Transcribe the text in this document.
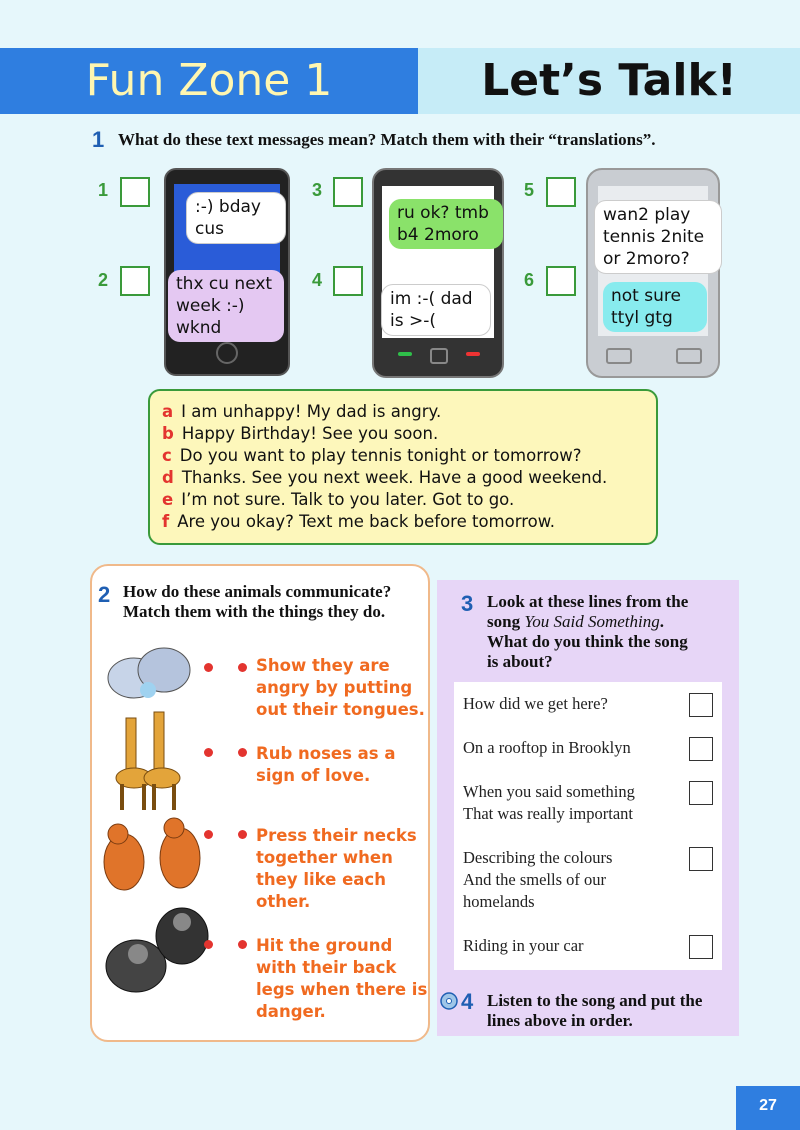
Fun Zone 1	Let’s Talk!
1 What do these text messages mean? Match them with their “translations”.
1
2
3
4
5
6
:-) bday cus
thx cu next week :-) wknd
ru ok? tmb b4 2moro
im :-( dad is >-(
wan2 play tennis 2nite or 2moro?
not sure ttyl gtg
a I am unhappy! My dad is angry.
b Happy Birthday! See you soon.
c Do you want to play tennis tonight or tomorrow?
d Thanks. See you next week. Have a good weekend.
e I’m not sure. Talk to you later. Got to go.
f Are you okay? Text me back before tomorrow.
2 How do these animals communicate?
Match them with the things they do.
Show they are
angry by putting
out their tongues.
Rub noses as a
sign of love.
Press their necks
together when
they like each
other.
Hit the ground
with their back
legs when there is
danger.
3 Look at these lines from the
song You Said Something.
What do you think the song
is about?
How did we get here?
On a rooftop in Brooklyn
When you said something
That was really important
Describing the colours
And the smells of our
homelands
Riding in your car
4 Listen to the song and put the
lines above in order.
27
